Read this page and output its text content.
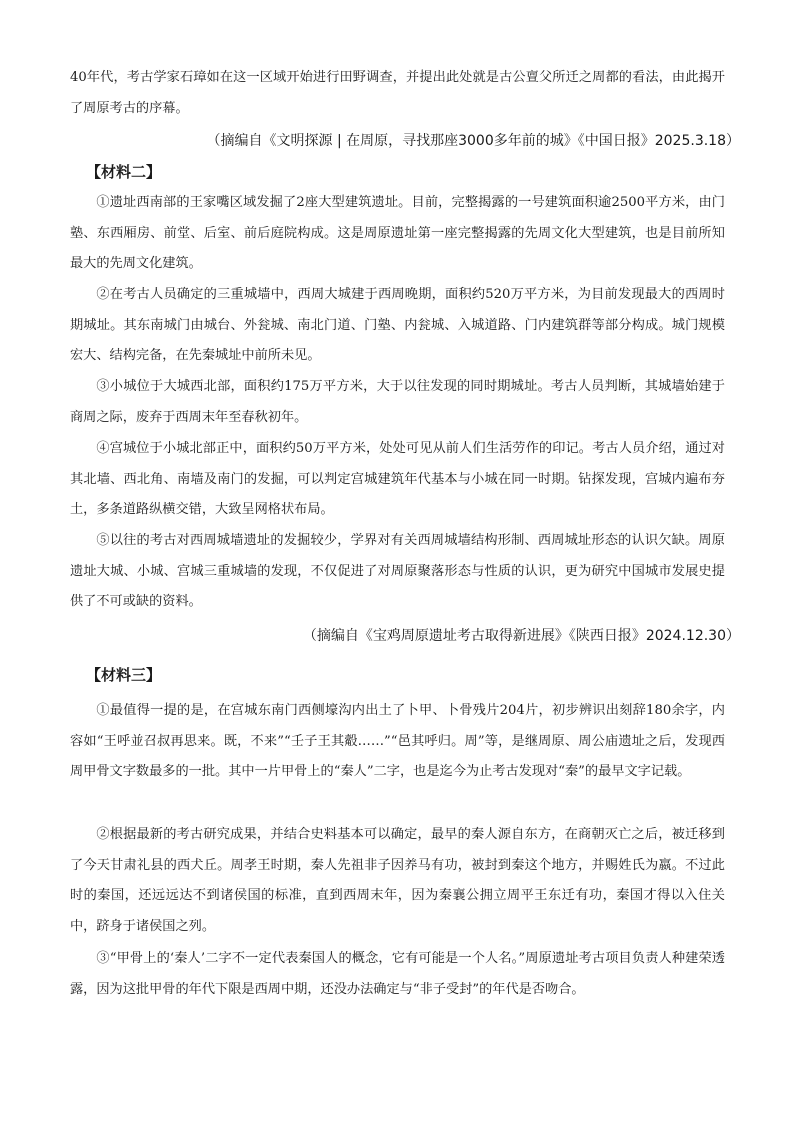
40年代，考古学家石璋如在这一区域开始进行田野调查，并提出此处就是古公亶父所迁之周都的看法，由此揭开了周原考古的序幕。

（摘编自《文明探源 | 在周原，寻找那座3000多年前的城》《中国日报》2025.3.18）
【材料二】

①遗址西南部的王家嘴区域发掘了2座大型建筑遗址。目前，完整揭露的一号建筑面积逾2500平方米，由门塾、东西厢房、前堂、后室、前后庭院构成。这是周原遗址第一座完整揭露的先周文化大型建筑，也是目前所知最大的先周文化建筑。

②在考古人员确定的三重城墙中，西周大城建于西周晚期，面积约520万平方米，为目前发现最大的西周时期城址。其东南城门由城台、外瓮城、南北门道、门塾、内瓮城、入城道路、门内建筑群等部分构成。城门规模宏大、结构完备，在先秦城址中前所未见。

③小城位于大城西北部，面积约175万平方米，大于以往发现的同时期城址。考古人员判断，其城墙始建于商周之际，废弃于西周末年至春秋初年。

④宫城位于小城北部正中，面积约50万平方米，处处可见从前人们生活劳作的印记。考古人员介绍，通过对其北墙、西北角、南墙及南门的发掘，可以判定宫城建筑年代基本与小城在同一时期。钻探发现，宫城内遍布夯土，多条道路纵横交错，大致呈网格状布局。

⑤以往的考古对西周城墙遗址的发掘较少，学界对有关西周城墙结构形制、西周城址形态的认识欠缺。周原遗址大城、小城、宫城三重城墙的发现，不仅促进了对周原聚落形态与性质的认识，更为研究中国城市发展史提供了不可或缺的资料。

（摘编自《宝鸡周原遗址考古取得新进展》《陕西日报》2024.12.30）
【材料三】

①最值得一提的是，在宫城东南门西侧壕沟内出土了卜甲、卜骨残片204片，初步辨识出刻辞180余字，内容如“王呼並召叔再思来。既，不来”“壬子王其觳……”“邑其呼归。周”等，是继周原、周公庙遗址之后，发现西周甲骨文字数最多的一批。其中一片甲骨上的“秦人”二字，也是迄今为止考古发现对“秦”的最早文字记载。

②根据最新的考古研究成果，并结合史料基本可以确定，最早的秦人源自东方，在商朝灭亡之后，被迁移到了今天甘肃礼县的西犬丘。周孝王时期，秦人先祖非子因养马有功，被封到秦这个地方，并赐姓氏为嬴。不过此时的秦国，还远远达不到诸侯国的标准，直到西周末年，因为秦襄公拥立周平王东迁有功，秦国才得以入住关中，跻身于诸侯国之列。

③“甲骨上的‘秦人’二字不一定代表秦国人的概念，它有可能是一个人名。”周原遗址考古项目负责人种建荣透露，因为这批甲骨的年代下限是西周中期，还没办法确定与“非子受封”的年代是否吻合。
